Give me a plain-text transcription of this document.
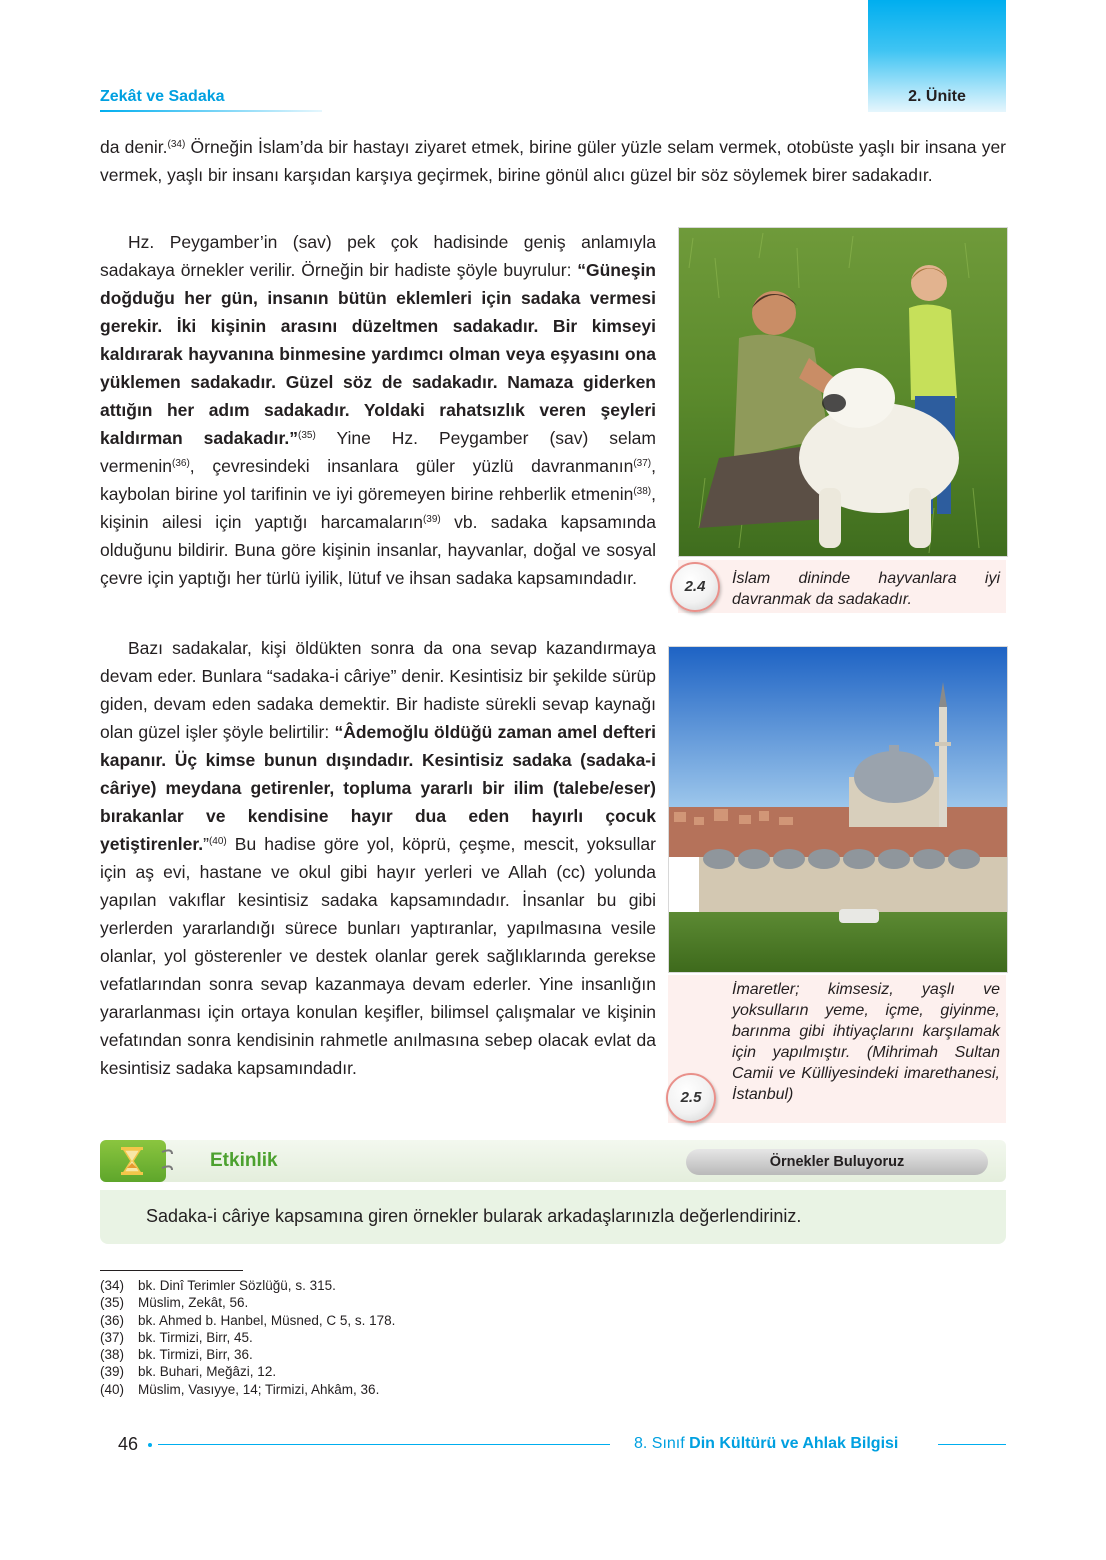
2. Ünite
Zekât ve Sadaka

da denir.$^{(34)}$ Örneğin İslam’da bir hastayı ziyaret etmek, birine güler yüzle selam vermek, otobüste yaşlı bir insana yer vermek, yaşlı bir insanı karşıdan karşıya geçirmek, birine gönül alıcı güzel bir söz söylemek birer sadakadır.

Hz. Peygamber’in (sav) pek çok hadisinde geniş anlamıyla sadakaya örnekler verilir. Örneğin bir hadiste şöyle buyrulur: “Güneşin doğduğu her gün, insanın bütün eklemleri için sadaka vermesi gerekir. İki kişinin arasını düzeltmen sadakadır. Bir kimseyi kaldırarak hayvanına binmesine yardımcı olman veya eşyasını ona yüklemen sadakadır. Güzel söz de sadakadır. Namaza giderken attığın her adım sadakadır. Yoldaki rahatsızlık veren şeyleri kaldırman sadakadır.”$^{(35)}$ Yine Hz. Peygamber (sav) selam vermenin$^{(36)}$, çevresindeki insanlara güler yüzlü davranmanın$^{(37)}$, kaybolan birine yol tarifinin ve iyi göremeyen birine rehberlik etmenin$^{(38)}$, kişinin ailesi için yaptığı harcamaların$^{(39)}$ vb. sadaka kapsamında olduğunu bildirir. Buna göre kişinin insanlar, hayvanlar, doğal ve sosyal çevre için yaptığı her türlü iyilik, lütuf ve ihsan sadaka kapsamındadır.

Bazı sadakalar, kişi öldükten sonra da ona sevap kazandırmaya devam eder. Bunlara “sadaka-i câriye” denir. Kesintisiz bir şekilde sürüp giden, devam eden sadaka demektir. Bir hadiste sürekli sevap kaynağı olan güzel işler şöyle belirtilir: “Âdemoğlu öldüğü zaman amel defteri kapanır. Üç kimse bunun dışındadır. Kesintisiz sadaka (sadaka-i câriye) meydana getirenler, topluma yararlı bir ilim (talebe/eser) bırakanlar ve kendisine hayır dua eden hayırlı çocuk yetiştirenler.”$^{(40)}$ Bu hadise göre yol, köprü, çeşme, mescit, yoksullar için aş evi, hastane ve okul gibi hayır yerleri ve Allah (cc) yolunda yapılan vakıflar kesintisiz sadaka kapsamındadır. İnsanlar bu gibi yerlerden yararlandığı sürece bunları yaptıranlar, yapılmasına vesile olanlar, yol gösterenler ve destek olanlar gerek sağlıklarında gerekse vefatlarından sonra sevap kazanmaya devam ederler. Yine insanlığın yararlanması için ortaya konulan keşifler, bilimsel çalışmalar ve kişinin vefatından sonra kendisinin rahmetle anılmasına sebep olacak evlat da kesintisiz sadaka kapsamındadır.

2.4	İslam dininde hayvanlara iyi davranmak da sadakadır.
İmaretler; kimsesiz, yaşlı ve yoksulların yeme, içme, giyinme, barınma gibi ihtiyaçlarını karşılamak için yapılmıştır. (Mihrimah Sultan Camii ve Külliyesindeki imarethanesi, İstanbul)
2.5
Etkinlik	Örnekler Buluyoruz
Sadaka-i câriye kapsamına giren örnekler bularak arkadaşlarınızla değerlendiriniz.
(34) bk. Dinî Terimler Sözlüğü, s. 315.
(35) Müslim, Zekât, 56.
(36) bk. Ahmed b. Hanbel, Müsned, C 5, s. 178.
(37) bk. Tirmizi, Birr, 45.
(38) bk. Tirmizi, Birr, 36.
(39) bk. Buhari, Meğâzi, 12.
(40) Müslim, Vasıyye, 14; Tirmizi, Ahkâm, 36.
46	8. Sınıf Din Kültürü ve Ahlak Bilgisi
